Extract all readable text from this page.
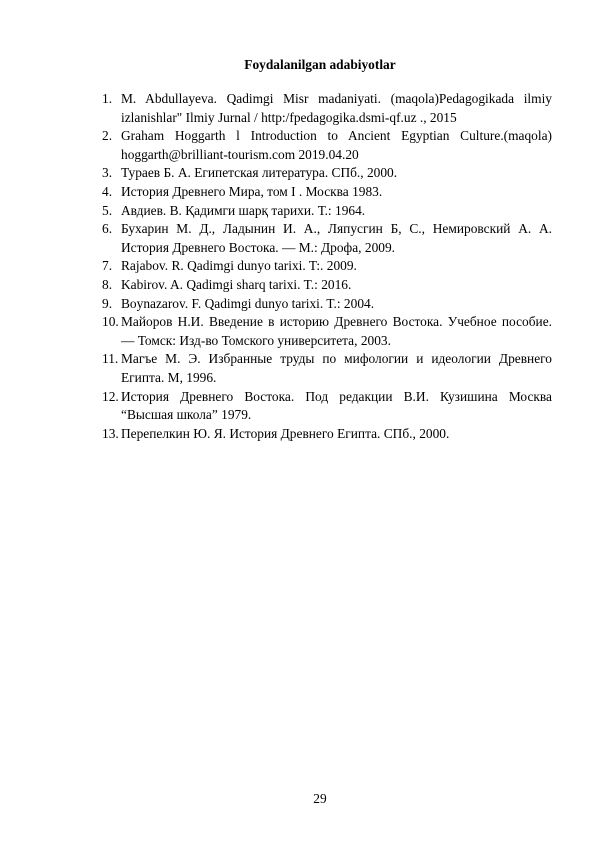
Foydalanilgan adabiyotlar
1. M. Abdullayeva. Qadimgi Misr madaniyati. (maqola)Pedagogikada ilmiy izlanishlar" Ilmiy Jurnal / http:/fpedagogika.dsmi-qf.uz ., 2015
2. Graham Hoggarth l Introduction to Ancient Egyptian Culture.(maqola) hoggarth@brilliant-tourism.com 2019.04.20
3. Тураев Б. А. Египетская литература. СПб., 2000.
4. История Древнего Мира, том I . Москва 1983.
5. Авдиев. В. Қадимги шарқ тарихи. Т.: 1964.
6. Бухарин М. Д., Ладынин И. А., Ляпусгин Б, С., Немировский А. А. История Древнего Востока. — М.: Дрофа, 2009.
7. Rajabov. R. Qadimgi dunyo tarixi. T:. 2009.
8. Kabirov. A. Qadimgi sharq tarixi. T.: 2016.
9. Boynazarov. F. Qadimgi dunyo tarixi. T.: 2004.
10. Майоров Н.И. Введение в историю Древнего Востока. Учебное пособие. — Томск: Изд-во Томского университета, 2003.
11. Магъе М. Э. Избранные труды по мифологии и идеологии Древнего Египта. М, 1996.
12. История Древнего Востока. Под редакции В.И. Кузишина Москва “Высшая школа” 1979.
13. Перепелкин Ю. Я. История Древнего Египта. СПб., 2000.
29
